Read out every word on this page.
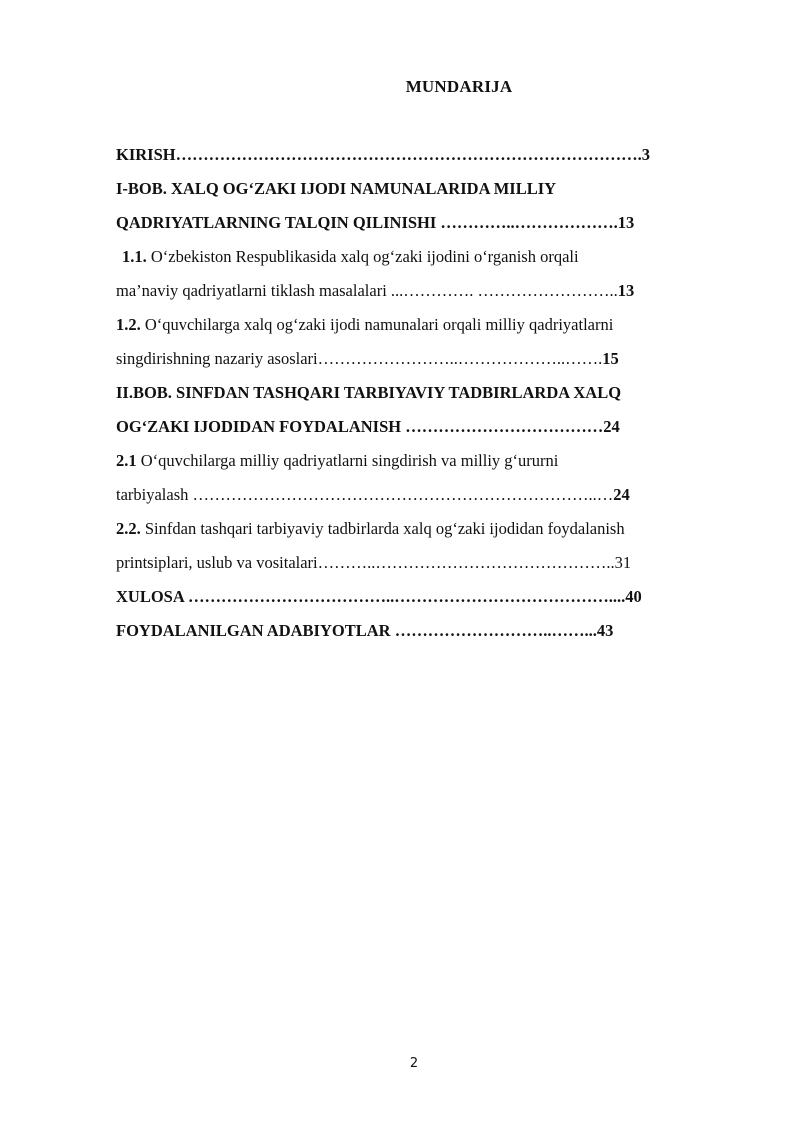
MUNDARIJA
KIRISH………………………………………………………………………….3
I-BOB. XALQ OG‘ZAKI IJODI NAMUNALARIDA MILLIY
QADRIYATLARNING TALQIN QILINISHI …………..……………….13
1.1. O‘zbekiston Respublikasida xalq og‘zaki ijodini o‘rganish orqali
ma’naviy qadriyatlarni tiklash masalalari ...…………. ……………………..13
1.2. O‘quvchilarga xalq og‘zaki ijodi namunalari orqali milliy qadriyatlarni
singdirishning nazariy asoslari……………………..………………..…….15
II.BOB. SINFDAN TASHQARI TARBIYAVIY TADBIRLARDA XALQ
OG‘ZAKI IJODIDAN FOYDALANISH ………………………………24
2.1 O‘quvchilarga milliy qadriyatlarni singdirish va milliy g‘ururni
tarbiyalash ………………………………………………………………..…24
2.2. Sinfdan tashqari tarbiyaviy tadbirlarda xalq og‘zaki ijodidan foydalanish
printsiplari, uslub va vositalari………..……………………………………..31
XULOSA ………………………………..…………………………………....40
FOYDALANILGAN ADABIYOTLAR ………………………..……...43
2
